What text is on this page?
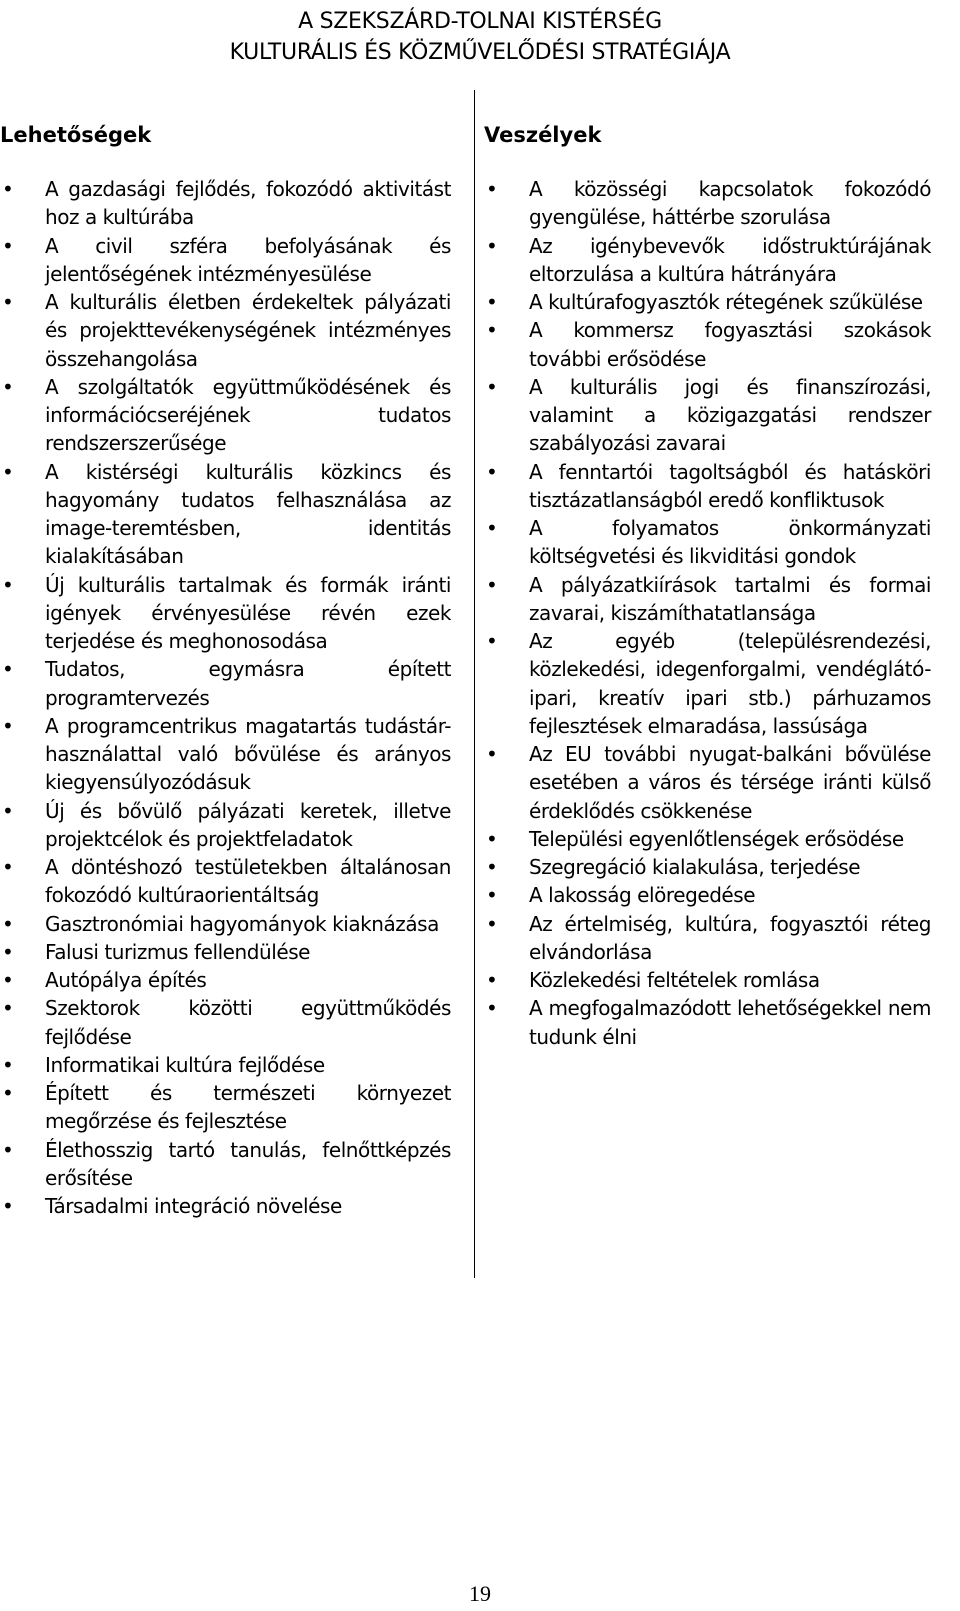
A SZEKSZÁRD-TOLNAI KISTÉRSÉG
KULTURÁLIS ÉS KÖZMŰVELŐDÉSI STRATÉGIÁJA
Lehetőségek
• A gazdasági fejlődés, fokozódó aktivitást hoz a kultúrába
• A civil szféra befolyásának és jelentőségének intézményesülése
• A kulturális életben érdekeltek pályázati és projekttevékenységének intézményes összehangolása
• A szolgáltatók együttműködésének és információcseréjének tudatos rendszerszerűsége
• A kistérségi kulturális közkincs és hagyomány tudatos felhasználása az image-teremtésben, identitás kialakításában
• Új kulturális tartalmak és formák iránti igények érvényesülése révén ezek terjedése és meghonosodása
• Tudatos, egymásra épített programtervezés
• A programcentrikus magatartás tudástár-használattal való bővülése és arányos kiegyensúlyozódásuk
• Új és bővülő pályázati keretek, illetve projektcélok és projektfeladatok
• A döntéshozó testületekben általánosan fokozódó kultúraorientáltság
• Gasztronómiai hagyományok kiaknázása
• Falusi turizmus fellendülése
• Autópálya építés
• Szektorok közötti együttműködés fejlődése
• Informatikai kultúra fejlődése
• Épített és természeti környezet megőrzése és fejlesztése
• Élethosszig tartó tanulás, felnőttképzés erősítése
• Társadalmi integráció növelése
Veszélyek
• A közösségi kapcsolatok fokozódó gyengülése, háttérbe szorulása
• Az igénybevevők időstruktúrájának eltorzulása a kultúra hátrányára
• A kultúrafogyasztók rétegének szűkülése
• A kommersz fogyasztási szokások további erősödése
• A kulturális jogi és finanszírozási, valamint a közigazgatási rendszer szabályozási zavarai
• A fenntartói tagoltságból és hatásköri tisztázatlanságból eredő konfliktusok
• A folyamatos önkormányzati költségvetési és likviditási gondok
• A pályázatkiírások tartalmi és formai zavarai, kiszámíthatatlansága
• Az egyéb (településrendezési, közlekedési, idegenforgalmi, vendéglátó-ipari, kreatív ipari stb.) párhuzamos fejlesztések elmaradása, lassúsága
• Az EU további nyugat-balkáni bővülése esetében a város és térsége iránti külső érdeklődés csökkenése
• Települési egyenlőtlenségek erősödése
• Szegregáció kialakulása, terjedése
• A lakosság elöregedése
• Az értelmiség, kultúra, fogyasztói réteg elvándorlása
• Közlekedési feltételek romlása
• A megfogalmazódott lehetőségekkel nem tudunk élni
19
